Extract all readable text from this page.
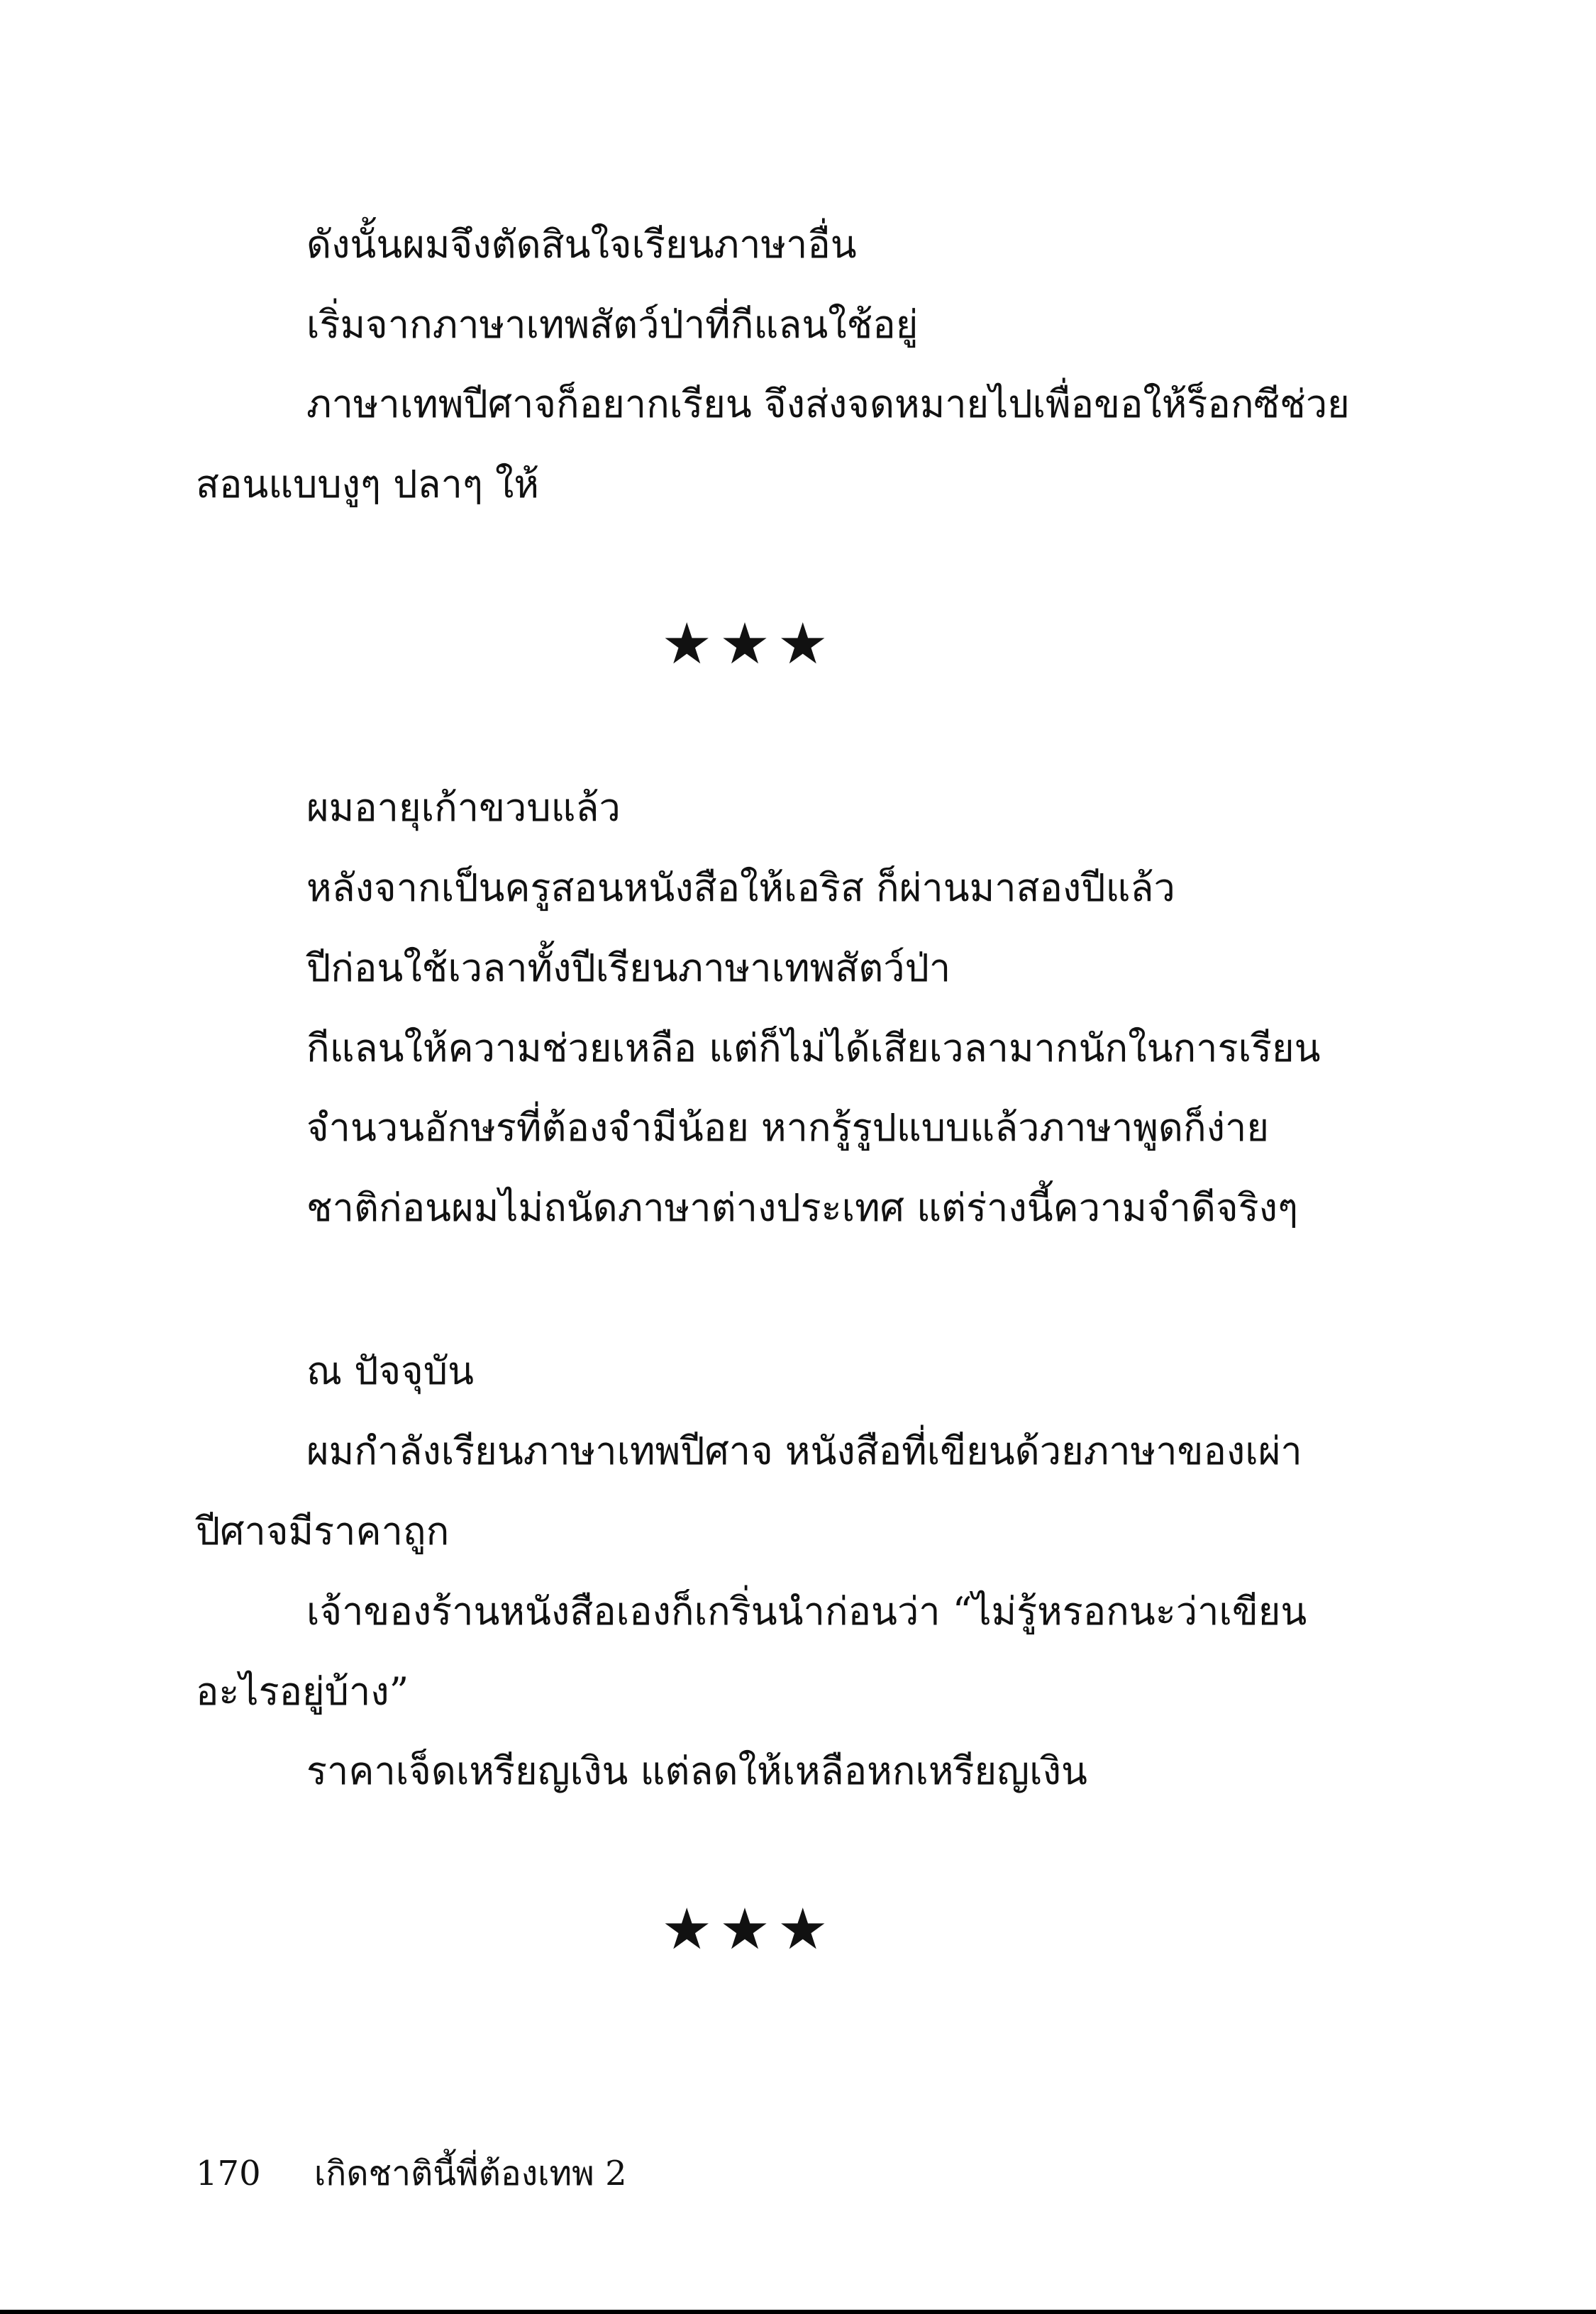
ดังนั้นผมจึงตัดสินใจเรียนภาษาอื่น
เริ่มจากภาษาเทพสัตว์ป่าที่กีแลนใช้อยู่
ภาษาเทพปีศาจก็อยากเรียน จึงส่งจดหมายไปเพื่อขอให้ร็อกซีช่วย
สอนแบบงูๆ ปลาๆ ให้
★★★
ผมอายุเก้าขวบแล้ว
หลังจากเป็นครูสอนหนังสือให้เอริส ก็ผ่านมาสองปีแล้ว
ปีก่อนใช้เวลาทั้งปีเรียนภาษาเทพสัตว์ป่า
กีแลนให้ความช่วยเหลือ แต่ก็ไม่ได้เสียเวลามากนักในการเรียน
จำนวนอักษรที่ต้องจำมีน้อย หากรู้รูปแบบแล้วภาษาพูดก็ง่าย
ชาติก่อนผมไม่ถนัดภาษาต่างประเทศ แต่ร่างนี้ความจำดีจริงๆ
ณ ปัจจุบัน
ผมกำลังเรียนภาษาเทพปีศาจ หนังสือที่เขียนด้วยภาษาของเผ่า
ปีศาจมีราคาถูก
เจ้าของร้านหนังสือเองก็เกริ่นนำก่อนว่า “ไม่รู้หรอกนะว่าเขียน
อะไรอยู่บ้าง”
ราคาเจ็ดเหรียญเงิน แต่ลดให้เหลือหกเหรียญเงิน
★★★
170 เกิดชาตินี้พี่ต้องเทพ 2
